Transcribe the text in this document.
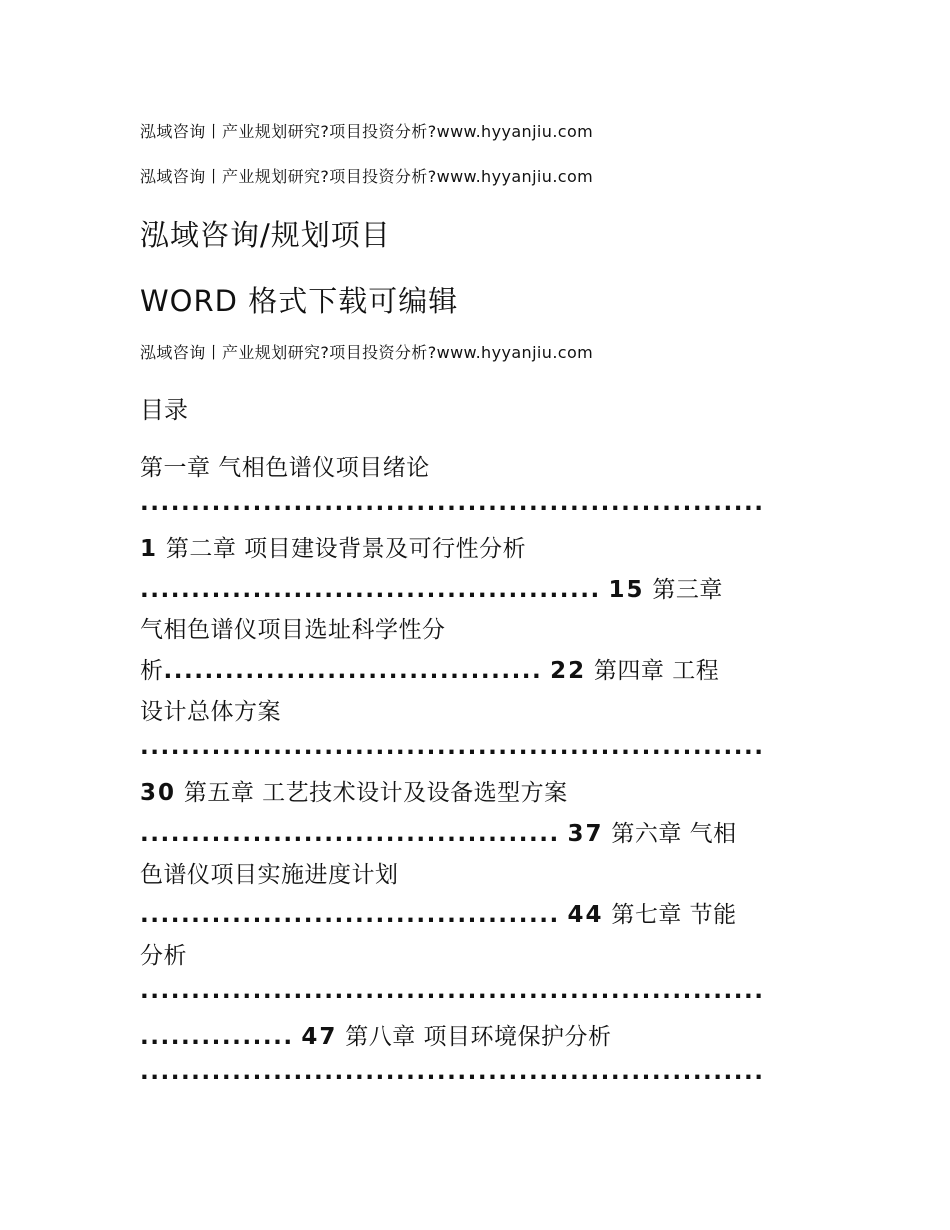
泓域咨询丨产业规划研究?项目投资分析?www.hyyanjiu.com
泓域咨询丨产业规划研究?项目投资分析?www.hyyanjiu.com
泓域咨询/规划项目
WORD 格式下载可编辑
泓域咨询丨产业规划研究?项目投资分析?www.hyyanjiu.com
目录
第一章 气相色谱仪项目绪论
.............................................................
1 第二章 项目建设背景及可行性分析
............................................. 15 第三章
气相色谱仪项目选址科学性分
析..................................... 22 第四章 工程
设计总体方案
.............................................................
30 第五章 工艺技术设计及设备选型方案
......................................... 37 第六章 气相
色谱仪项目实施进度计划
......................................... 44 第七章 节能
分析
.............................................................
............... 47 第八章 项目环境保护分析
.............................................................
